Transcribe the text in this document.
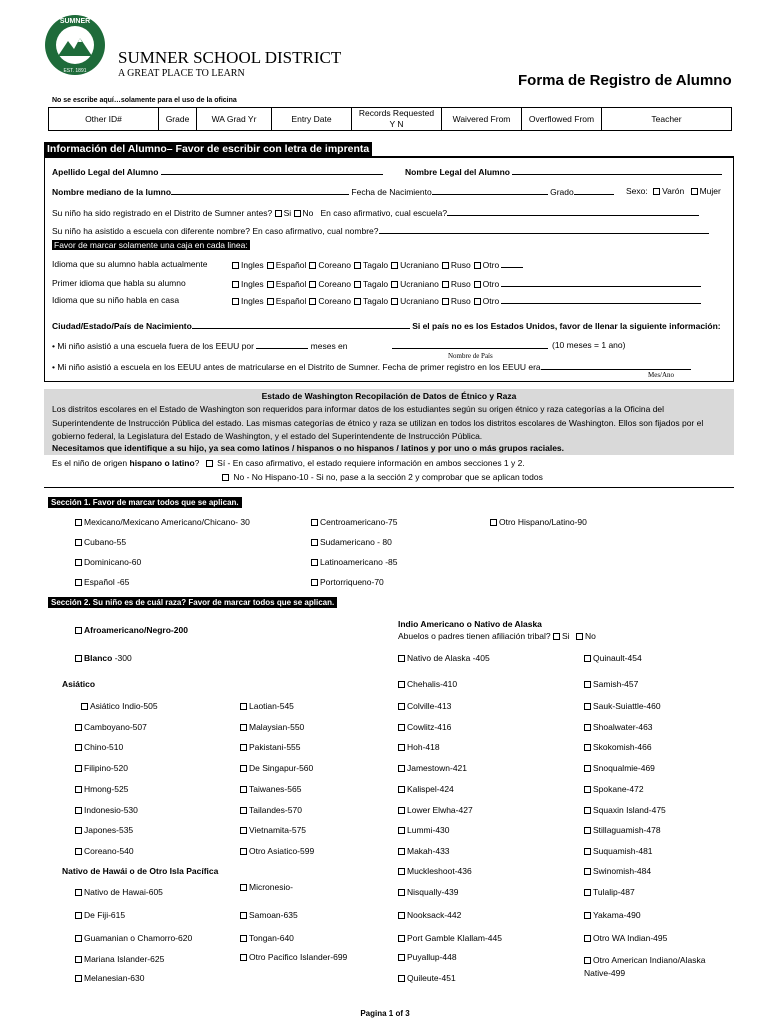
SUMNER
EST. 1891
SUMNER SCHOOL DISTRICT
A GREAT PLACE TO LEARN	Forma de Registro de Alumno
No se escribe aquí…solamente para el uso de la oficina
Other ID#	Grade	WA Grad Yr	Entry Date	Records Requested
Y N	Waivered From	Overflowed From	Teacher
Información del Alumno– Favor de escribir con letra de imprenta
Apellido Legal del Alumno	Nombre Legal del Alumno
Nombre mediano de la lumno	Fecha de Nacimiento	Grado	Sexo: Varón Mujer
Su niño ha sido registrado en el Distrito de Sumner antes? Si No En caso afirmativo, cual escuela?
Su niño ha asistido a escuela con diferente nombre? En caso afirmativo, cual nombre?
Favor de marcar solamente una caja en cada linea:
Idioma que su alumno habla actualmente	Ingles Español Coreano Tagalo Ucraniano Ruso Otro
Primer idioma que habla su alumno	Ingles Español Coreano Tagalo Ucraniano Ruso Otro
Idioma que su niño habla en casa	Ingles Español Coreano Tagalo Ucraniano Ruso Otro
Ciudad/Estado/País de Nacimiento	Si el país no es los Estados Unidos, favor de llenar la siguiente información:
• Mi niño asistió a una escuela fuera de los EEUU por	meses en	(10 meses = 1 ano)
Nombre de País
• Mi niño asistió a escuela en los EEUU antes de matricularse en el Distrito de Sumner. Fecha de primer registro en los EEUU era
Mes/Ano
Estado de Washington Recopilación de Datos de Étnico y Raza
Los distritos escolares en el Estado de Washington son requeridos para informar datos de los estudiantes según su origen étnico y raza categorías a la Oficina del Superintendente de Instrucción Pública del estado. Las mismas categorías de étnico y raza se utilizan en todos los distritos escolares de Washington. Ellos son fijados por el gobierno federal, la Legislatura del Estado de Washington, y el estado del Superintendente de Instrucción Pública.
Necesitamos que identifique a su hijo, ya sea como latinos / hispanos o no hispanos / latinos y por uno o más grupos raciales.
Es el niño de origen hispano o latino? Sí - En caso afirmativo, el estado requiere información en ambos secciones 1 y 2.
No - No Hispano-10 - Si no, pase a la sección 2 y comprobar que se aplican todos
Sección 1. Favor de marcar todos que se aplican.
Mexicano/Mexicano Americano/Chicano- 30
Cubano-55
Dominicano-60
Español -65
Centroamericano-75
Sudamericano - 80
Latinoamericano -85
Portorriqueno-70
Otro Hispano/Latino-90
Sección 2. Su niño es de cuál raza? Favor de marcar todos que se aplican.
Afroamericano/Negro-200
Blanco -300
Asiático
Nativo de Hawái o de Otro Isla Pacífica
Indio Americano o Nativo de Alaska
Abuelos o padres tienen afiliación tribal? Si No
Asiático Indio-505
Camboyano-507
Chino-510
Filipino-520
Hmong-525
Indonesio-530
Japones-535
Coreano-540
Laotian-545
Malaysian-550
Pakistani-555
De Singapur-560
Taiwanes-565
Tailandes-570
Vietnamita-575
Otro Asiatico-599
Nativo de Hawai-605
De Fiji-615
Guamanian o Chamorro-620
Mariana Islander-625
Melanesian-630
Micronesio-
Samoan-635
Tongan-640
Otro Pacifico Islander-699
Nativo de Alaska -405
Chehalis-410
Colville-413
Cowlitz-416
Hoh-418
Jamestown-421
Kalispel-424
Lower Elwha-427
Lummi-430
Makah-433
Muckleshoot-436
Nisqually-439
Nooksack-442
Port Gamble Klallam-445
Puyallup-448
Quileute-451
Quinault-454
Samish-457
Sauk-Suiattle-460
Shoalwater-463
Skokomish-466
Snoqualmie-469
Spokane-472
Squaxin Island-475
Stillaguamish-478
Suquamish-481
Swinomish-484
Tulalip-487
Yakama-490
Otro WA Indian-495
Otro American Indiano/Alaska
Native-499
Pagina 1 of 3
